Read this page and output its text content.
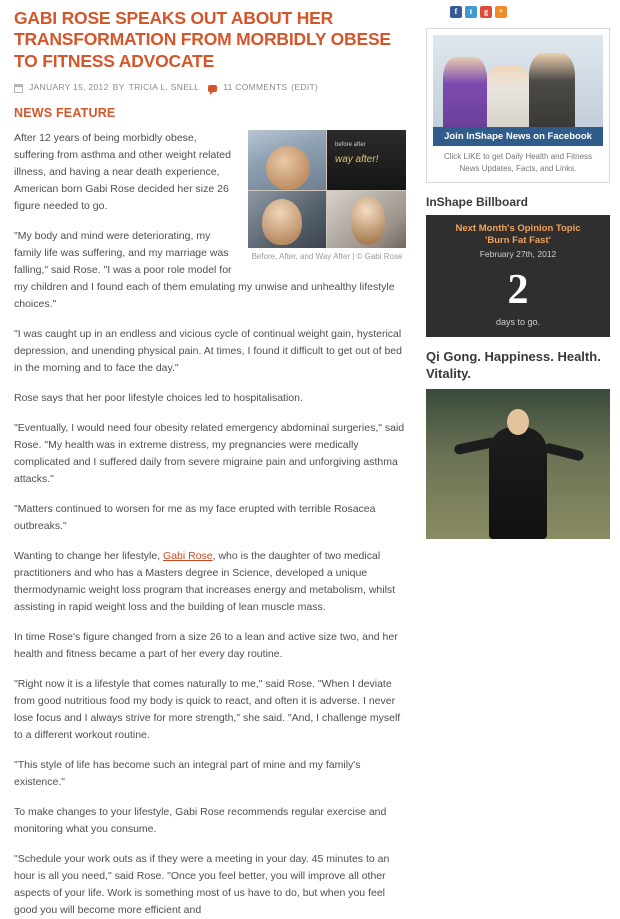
GABI ROSE SPEAKS OUT ABOUT HER TRANSFORMATION FROM MORBIDLY OBESE TO FITNESS ADVOCATE
JANUARY 15, 2012 BY TRICIA L. SNELL	11 COMMENTS (EDIT)
NEWS FEATURE
before after
way after!
Before, After, and Way After | © Gabi Rose

After 12 years of being morbidly obese, suffering from asthma and other weight related illness, and having a near death experience, American born Gabi Rose decided her size 26 figure needed to go.

"My body and mind were deteriorating, my family life was suffering, and my marriage was falling," said Rose. "I was a poor role model for my children and I found each of them emulating my unwise and unhealthy lifestyle choices."

"I was caught up in an endless and vicious cycle of continual weight gain, hysterical depression, and unending physical pain. At times, I found it difficult to get out of bed in the morning and to face the day."

Rose says that her poor lifestyle choices led to hospitalisation.

"Eventually, I would need four obesity related emergency abdominal surgeries," said Rose. "My health was in extreme distress, my pregnancies were medically complicated and I suffered daily from severe migraine pain and unforgiving asthma attacks."

"Matters continued to worsen for me as my face erupted with terrible Rosacea outbreaks."

Wanting to change her lifestyle, Gabi Rose, who is the daughter of two medical practitioners and who has a Masters degree in Science, developed a unique thermodynamic weight loss program that increases energy and metabolism, whilst assisting in rapid weight loss and the building of lean muscle mass.

In time Rose's figure changed from a size 26 to a lean and active size two, and her health and fitness became a part of her every day routine.

"Right now it is a lifestyle that comes naturally to me," said Rose. "When I deviate from good nutritious food my body is quick to react, and often it is adverse. I never lose focus and I always strive for more strength," she said. "And, I challenge myself to a different workout routine.

"This style of life has become such an integral part of mine and my family's existence."

To make changes to your lifestyle, Gabi Rose recommends regular exercise and monitoring what you consume.

"Schedule your work outs as if they were a meeting in your day. 45 minutes to an hour is all you need," said Rose. "Once you feel better, you will improve all other aspects of your life. Work is something most of us have to do, but when you feel good you will become more efficient and

f	t	g	+
Join InShape News on Facebook
Click LIKE to get Daily Health and Fitness News Updates, Facts, and Links.
InShape Billboard
Next Month's Opinion Topic
'Burn Fat Fast'
February 27th, 2012
2
days to go.
Qi Gong. Happiness. Health. Vitality.
